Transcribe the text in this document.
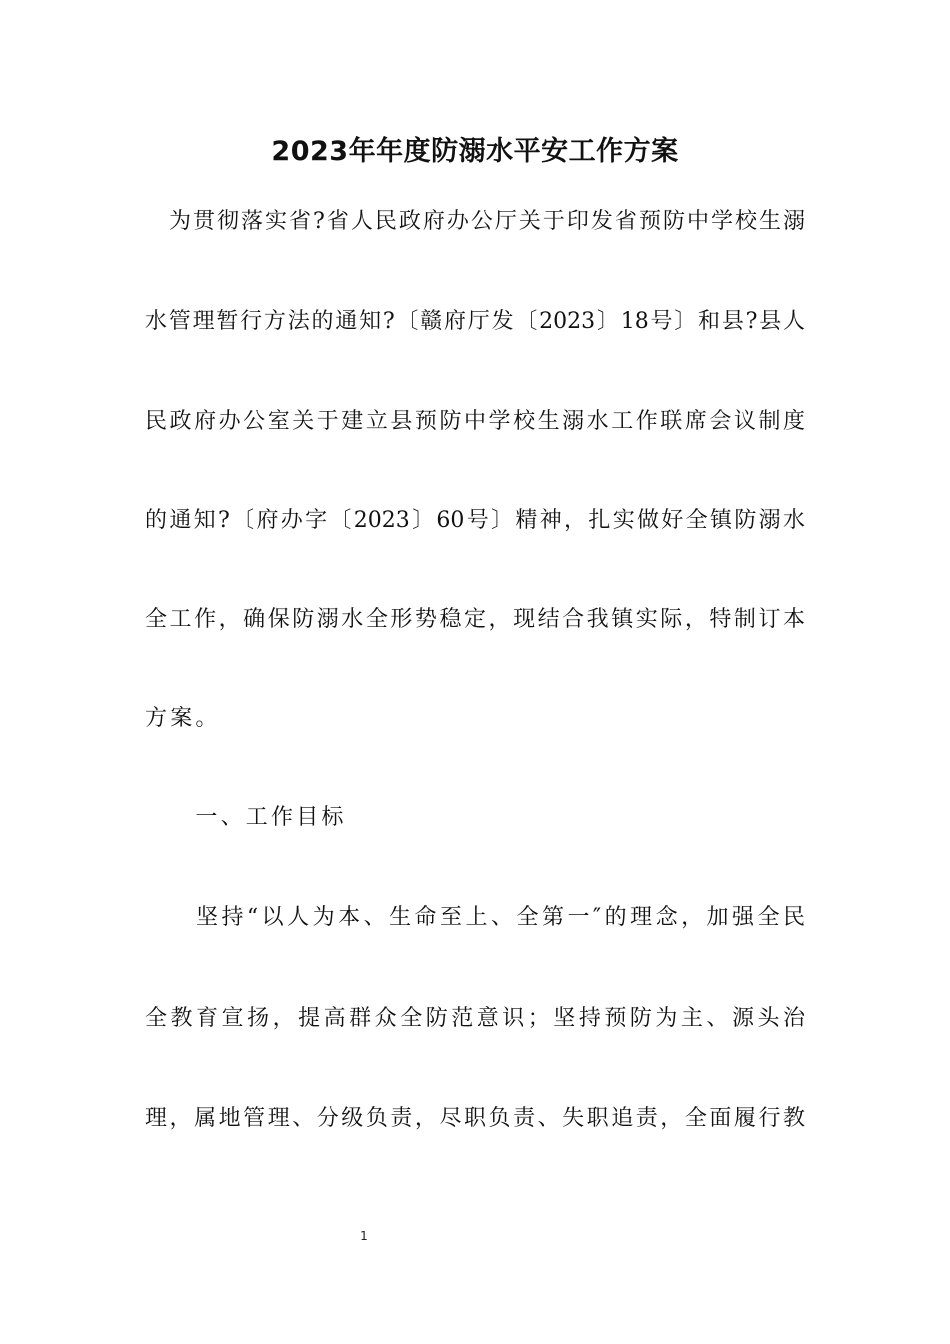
2023年年度防溺水平安工作方案
　为贯彻落实省?省人民政府办公厅关于印发省预防中学校生溺
水管理暂行方法的通知?〔赣府厅发〔2023〕18号〕和县?县人
民政府办公室关于建立县预防中学校生溺水工作联席会议制度
的通知?〔府办字〔2023〕60号〕精神，扎实做好全镇防溺水
全工作，确保防溺水全形势稳定，现结合我镇实际，特制订本
方案。
　　一、工作目标
　　坚持“以人为本、生命至上、全第一″的理念，加强全民
全教育宣扬，提高群众全防范意识；坚持预防为主、源头治
理，属地管理、分级负责，尽职负责、失职追责，全面履行教
1
